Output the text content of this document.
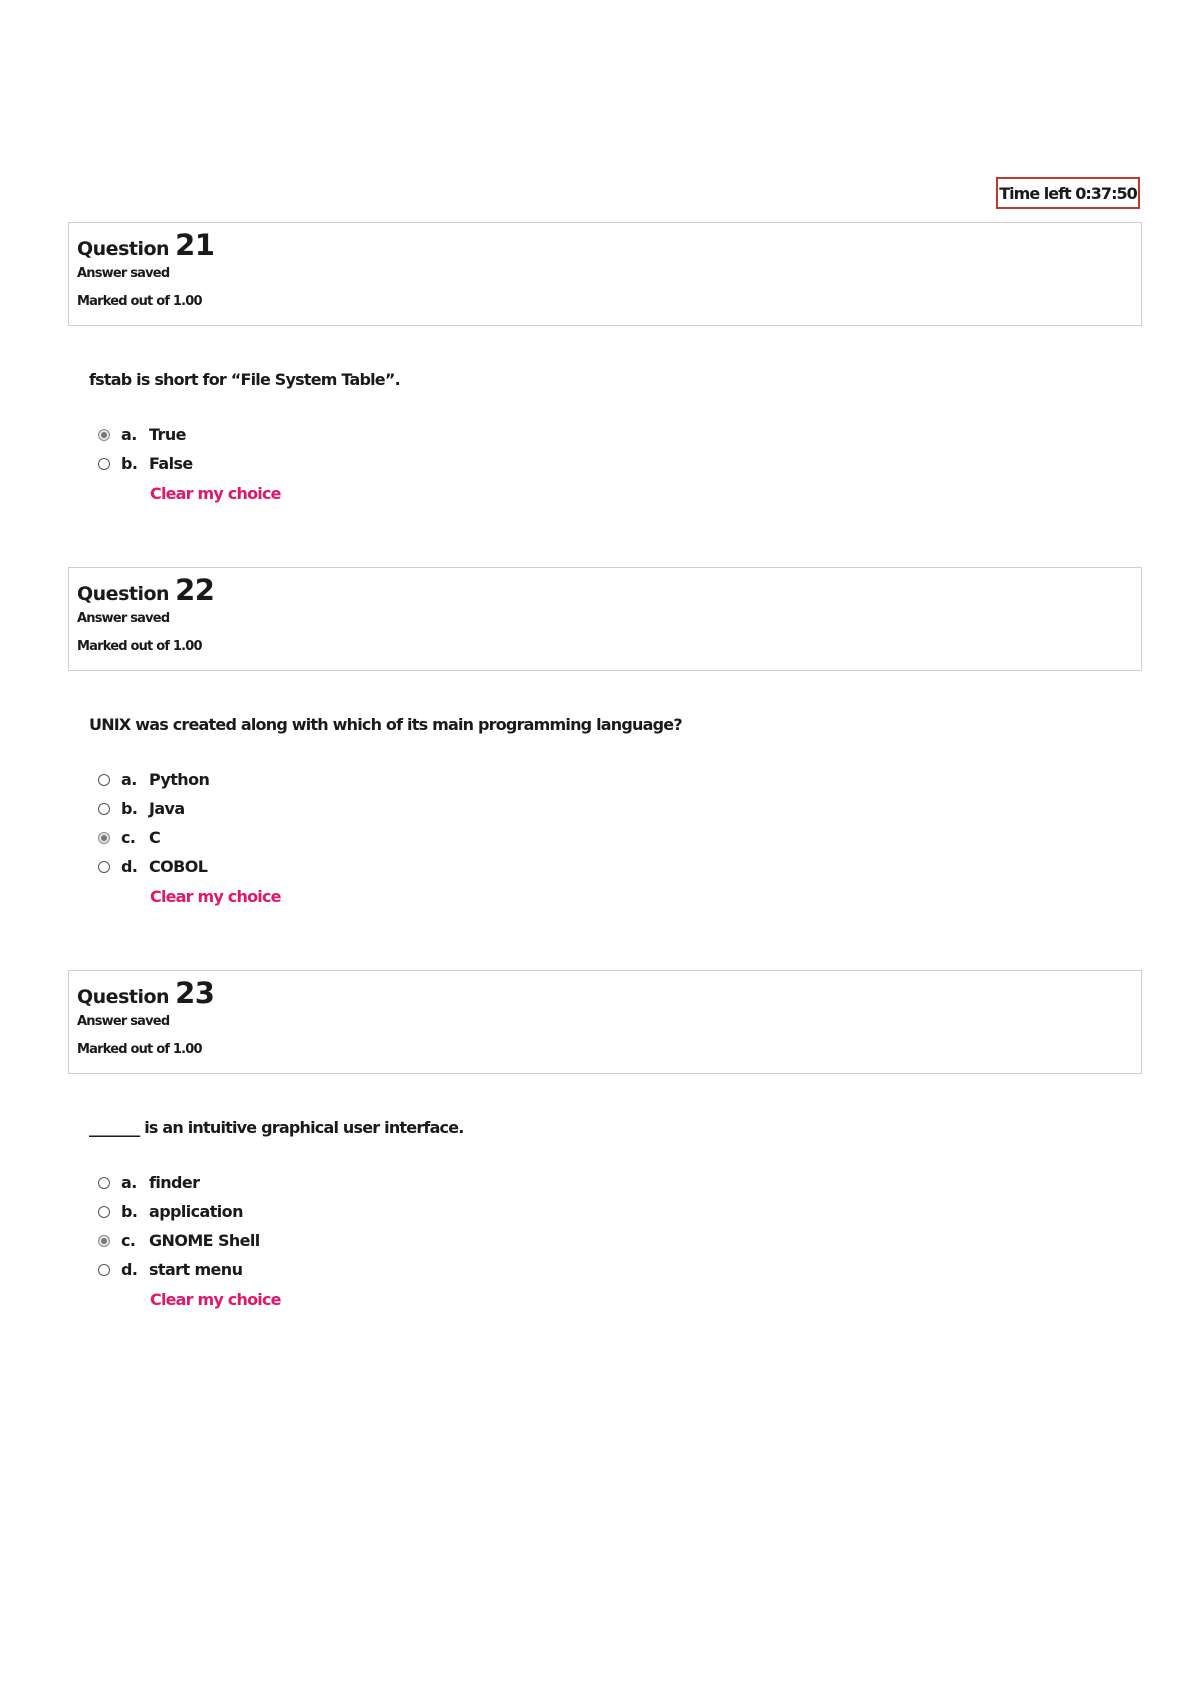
Time left
0:37:50
Question 21
Answer saved
Marked out of 1.00
fstab is short for “File System Table”.
a. True
b. False
Clear my choice
Question 22
Answer saved
Marked out of 1.00
UNIX was created along with which of its main programming language?
a. Python
b. Java
c. C
d. COBOL
Clear my choice
Question 23
Answer saved
Marked out of 1.00
_______ is an intuitive graphical user interface.
a. finder
b. application
c. GNOME Shell
d. start menu
Clear my choice
